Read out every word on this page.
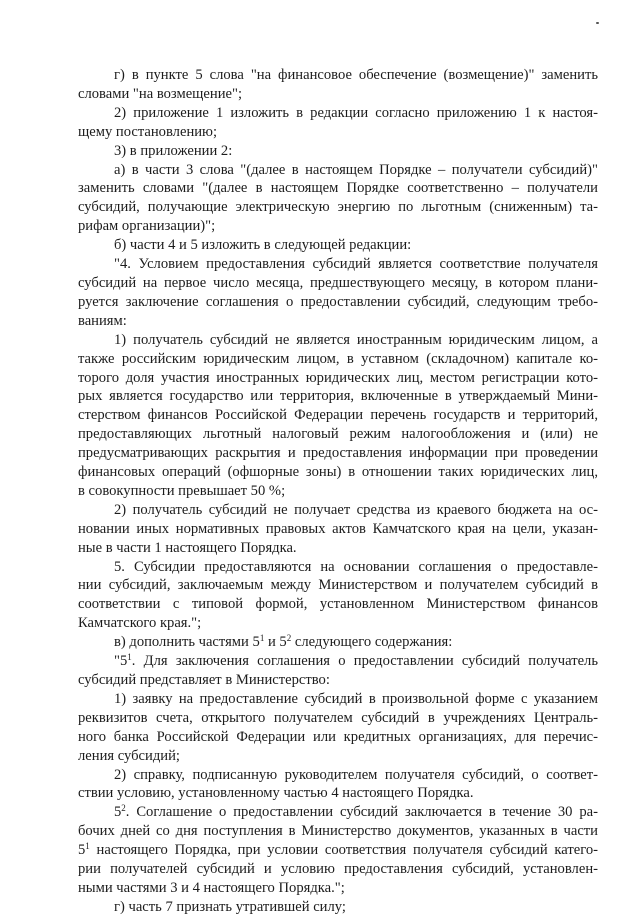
г) в пункте 5 слова "на финансовое обеспечение (возмещение)" заменить
словами "на возмещение";

2) приложение 1 изложить в редакции согласно приложению 1 к настоя-
щему постановлению;

3) в приложении 2:

а) в части 3 слова "(далее в настоящем Порядке – получатели субсидий)"
заменить словами "(далее в настоящем Порядке соответственно – получатели
субсидий, получающие электрическую энергию по льготным (сниженным) та-
рифам организации)";

б) части 4 и 5 изложить в следующей редакции:

"4. Условием предоставления субсидий является соответствие получателя
субсидий на первое число месяца, предшествующего месяцу, в котором плани-
руется заключение соглашения о предоставлении субсидий, следующим требо-
ваниям:

1) получатель субсидий не является иностранным юридическим лицом, а
также российским юридическим лицом, в уставном (складочном) капитале ко-
торого доля участия иностранных юридических лиц, местом регистрации кото-
рых является государство или территория, включенные в утверждаемый Мини-
стерством финансов Российской Федерации перечень государств и территорий,
предоставляющих льготный налоговый режим налогообложения и (или) не
предусматривающих раскрытия и предоставления информации при проведении
финансовых операций (офшорные зоны) в отношении таких юридических лиц,
в совокупности превышает 50 %;

2) получатель субсидий не получает средства из краевого бюджета на ос-
новании иных нормативных правовых актов Камчатского края на цели, указан-
ные в части 1 настоящего Порядка.

5. Субсидии предоставляются на основании соглашения о предоставле-
нии субсидий, заключаемым между Министерством и получателем субсидий в
соответствии с типовой формой, установленном Министерством финансов
Камчатского края.";

в) дополнить частями $5^1$ и $5^2$ следующего содержания:

"$5^1$. Для заключения соглашения о предоставлении субсидий получатель
субсидий представляет в Министерство:

1) заявку на предоставление субсидий в произвольной форме с указанием
реквизитов счета, открытого получателем субсидий в учреждениях Централь-
ного банка Российской Федерации или кредитных организациях, для перечис-
ления субсидий;

2) справку, подписанную руководителем получателя субсидий, о соответ-
ствии условию, установленному частью 4 настоящего Порядка.

$5^2$. Соглашение о предоставлении субсидий заключается в течение 30 ра-
бочих дней со дня поступления в Министерство документов, указанных в части
$5^1$ настоящего Порядка, при условии соответствия получателя субсидий катего-
рии получателей субсидий и условию предоставления субсидий, установлен-
ными частями 3 и 4 настоящего Порядка.";

г) часть 7 признать утратившей силу;
